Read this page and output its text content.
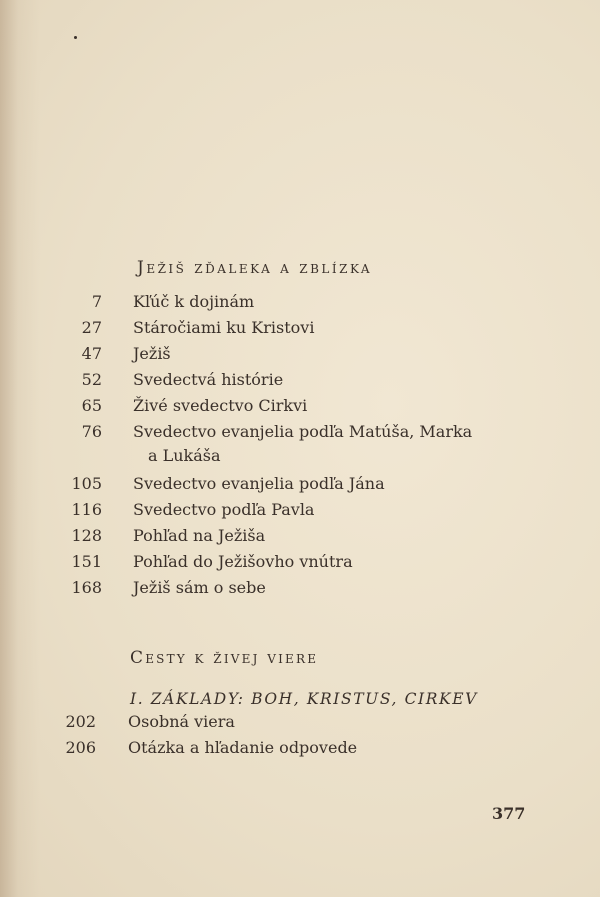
Ježiš zďaleka a zblízka
7 Kľúč k dojinám
27 Stáročiami ku Kristovi
47 Ježiš
52 Svedectvá histórie
65 Živé svedectvo Cirkvi
76 Svedectvo evanjelia podľa Matúša, Marka
a Lukáša
105 Svedectvo evanjelia podľa Jána
116 Svedectvo podľa Pavla
128 Pohľad na Ježiša
151 Pohľad do Ježišovho vnútra
168 Ježiš sám o sebe
Cesty k živej viere
I. ZÁKLADY: BOH, KRISTUS, CIRKEV
202 Osobná viera
206 Otázka a hľadanie odpovede
377
